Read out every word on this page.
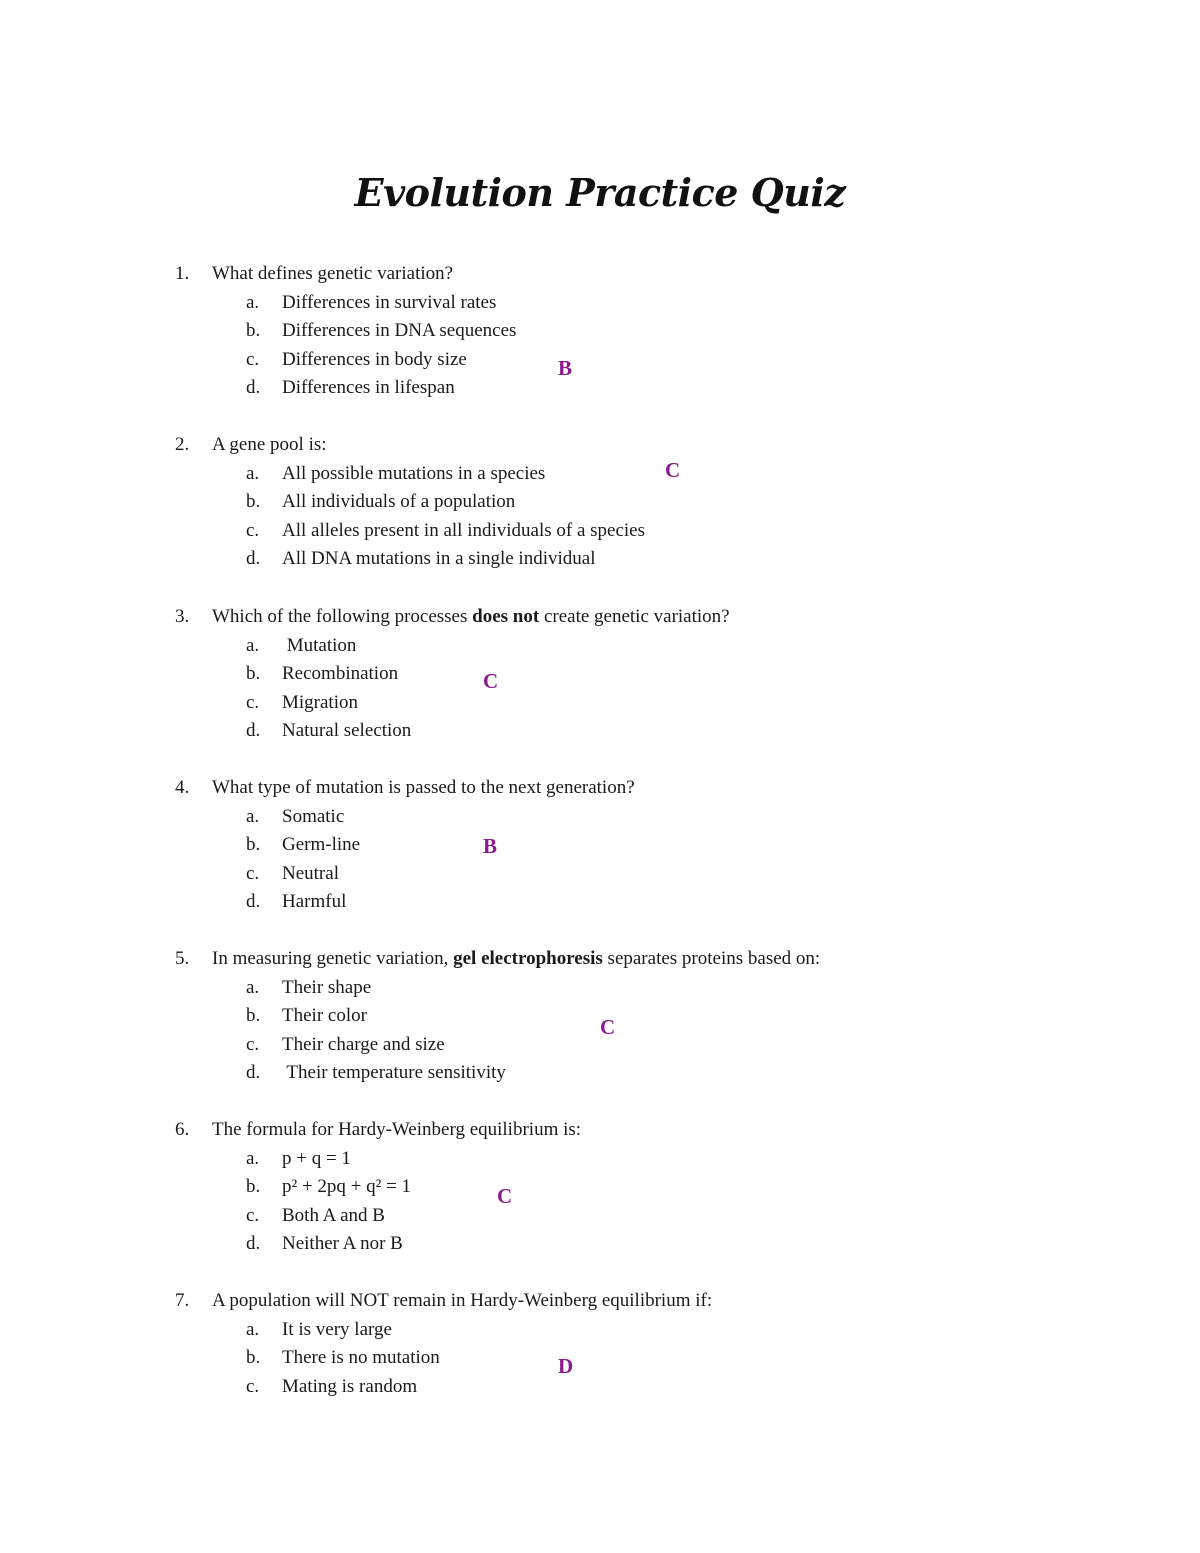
Evolution Practice Quiz
1. What defines genetic variation?
a. Differences in survival rates
b. Differences in DNA sequences
c. Differences in body size
d. Differences in lifespan
B
2. A gene pool is:
a. All possible mutations in a species
b. All individuals of a population
c. All alleles present in all individuals of a species
d. All DNA mutations in a single individual
C
3. Which of the following processes does not create genetic variation?
a. Mutation
b. Recombination
c. Migration
d. Natural selection
C
4. What type of mutation is passed to the next generation?
a. Somatic
b. Germ-line
c. Neutral
d. Harmful
B
5. In measuring genetic variation, gel electrophoresis separates proteins based on:
a. Their shape
b. Their color
c. Their charge and size
d. Their temperature sensitivity
C
6. The formula for Hardy-Weinberg equilibrium is:
a. p + q = 1
b. p² + 2pq + q² = 1
c. Both A and B
d. Neither A nor B
C
7. A population will NOT remain in Hardy-Weinberg equilibrium if:
a. It is very large
b. There is no mutation
c. Mating is random
D
